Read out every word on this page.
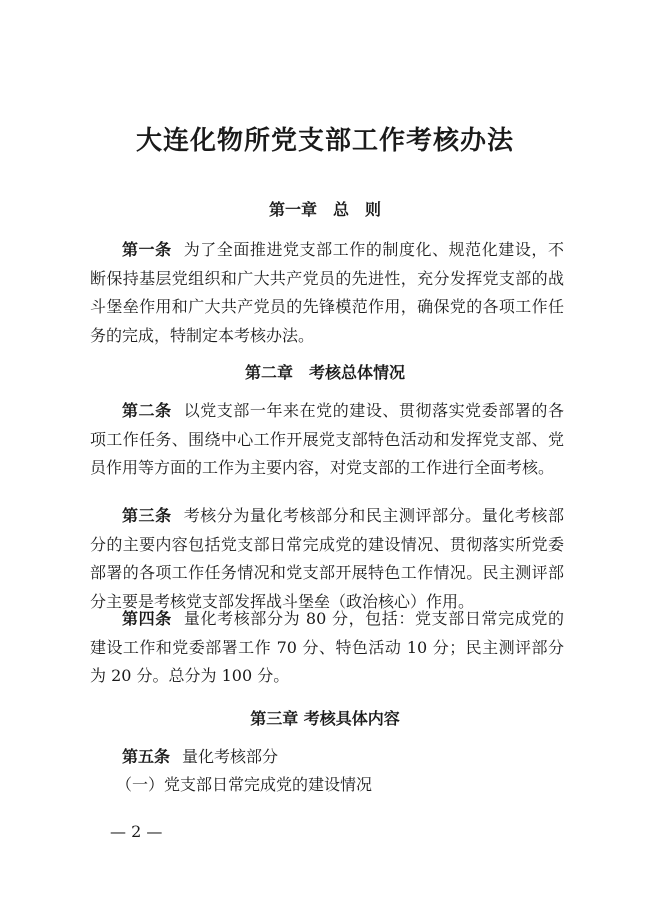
大连化物所党支部工作考核办法
第一章　总　则
第一条 为了全面推进党支部工作的制度化、规范化建设，不断保持基层党组织和广大共产党员的先进性，充分发挥党支部的战斗堡垒作用和广大共产党员的先锋模范作用，确保党的各项工作任务的完成，特制定本考核办法。
第二章　考核总体情况
第二条 以党支部一年来在党的建设、贯彻落实党委部署的各项工作任务、围绕中心工作开展党支部特色活动和发挥党支部、党员作用等方面的工作为主要内容，对党支部的工作进行全面考核。
第三条 考核分为量化考核部分和民主测评部分。量化考核部分的主要内容包括党支部日常完成党的建设情况、贯彻落实所党委部署的各项工作任务情况和党支部开展特色工作情况。民主测评部分主要是考核党支部发挥战斗堡垒（政治核心）作用。
第四条 量化考核部分为 80 分，包括：党支部日常完成党的建设工作和党委部署工作 70 分、特色活动 10 分；民主测评部分为 20 分。总分为 100 分。
第三章 考核具体内容
第五条 量化考核部分
（一）党支部日常完成党的建设情况
— 2 —
